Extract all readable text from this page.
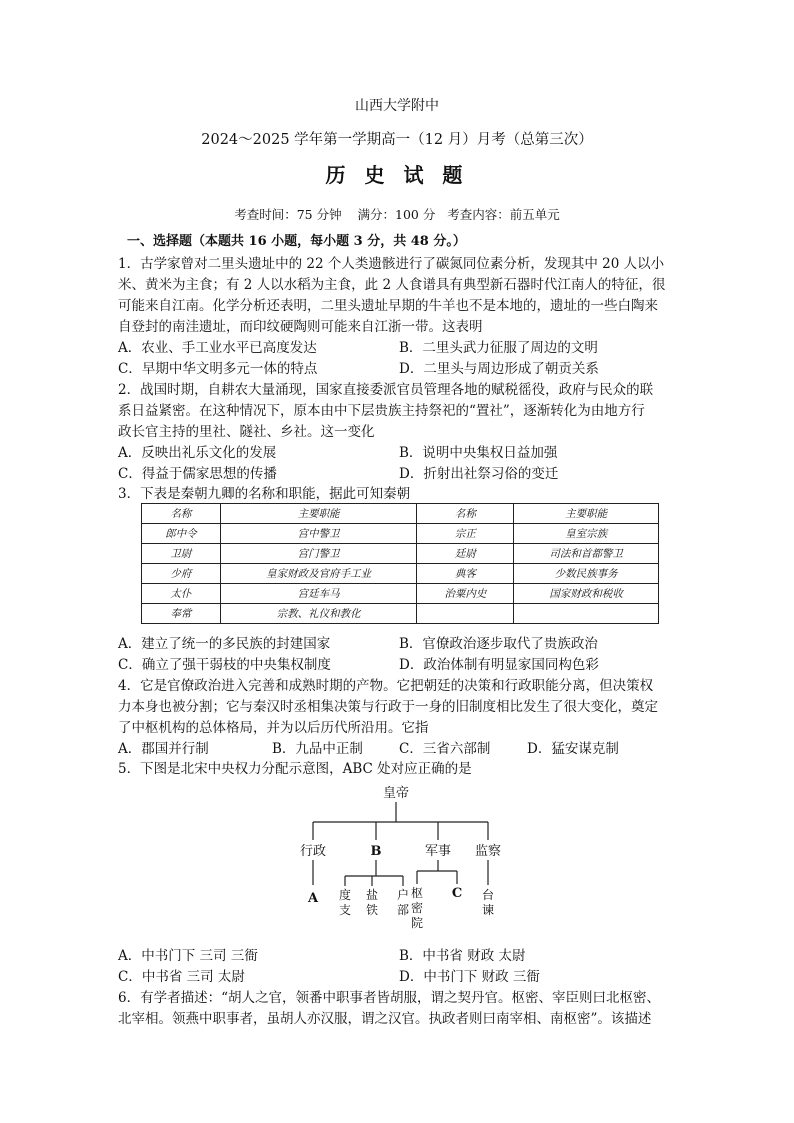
山西大学附中
2024～2025 学年第一学期高一（12 月）月考（总第三次）
历 史 试 题
考查时间：75 分钟    满分：100 分   考查内容：前五单元
一、选择题（本题共 16 小题，每小题 3 分，共 48 分。）
1．古学家曾对二里头遗址中的 22 个人类遗骸进行了碳氮同位素分析，发现其中 20 人以小
米、黄米为主食；有 2 人以水稻为主食，此 2 人食谱具有典型新石器时代江南人的特征，很
可能来自江南。化学分析还表明，二里头遗址早期的牛羊也不是本地的，遗址的一些白陶来
自登封的南洼遗址，而印纹硬陶则可能来自江浙一带。这表明
A．农业、手工业水平已高度发达	B．二里头武力征服了周边的文明
C．早期中华文明多元一体的特点	D．二里头与周边形成了朝贡关系
2．战国时期，自耕农大量涌现，国家直接委派官员管理各地的赋税徭役，政府与民众的联
系日益紧密。在这种情况下，原本由中下层贵族主持祭祀的“置社”，逐渐转化为由地方行
政长官主持的里社、隧社、乡社。这一变化
A．反映出礼乐文化的发展	B．说明中央集权日益加强
C．得益于儒家思想的传播	D．折射出社祭习俗的变迁
3．下表是秦朝九卿的名称和职能，据此可知秦朝
名称	主要职能	名称	主要职能
郎中令	宫中警卫	宗正	皇室宗族
卫尉	宫门警卫	廷尉	司法和首都警卫
少府	皇家财政及官府手工业	典客	少数民族事务
太仆	宫廷车马	治粟内史	国家财政和税收
奉常	宗教、礼仪和教化		
A．建立了统一的多民族的封建国家	B．官僚政治逐步取代了贵族政治
C．确立了强干弱枝的中央集权制度	D．政治体制有明显家国同构色彩
4．它是官僚政治进入完善和成熟时期的产物。它把朝廷的决策和行政职能分离，但决策权
力本身也被分割；它与秦汉时丞相集决策与行政于一身的旧制度相比发生了很大变化，奠定
了中枢机构的总体格局，并为以后历代所沿用。它指
A．郡国并行制	B．九品中正制	C．三省六部制	D．猛安谋克制
5．下图是北宋中央权力分配示意图，ABC 处对应正确的是
皇帝
行政	B	军事 监察
A 度支
盐铁
户部
枢密院
台谏
C
A．中书门下 三司 三衙	B．中书省 财政 太尉
C．中书省 三司 太尉	D．中书门下 财政 三衙
6．有学者描述：“胡人之官，领番中职事者皆胡服，谓之契丹官。枢密、宰臣则曰北枢密、
北宰相。领燕中职事者，虽胡人亦汉服，谓之汉官。执政者则曰南宰相、南枢密”。该描述
